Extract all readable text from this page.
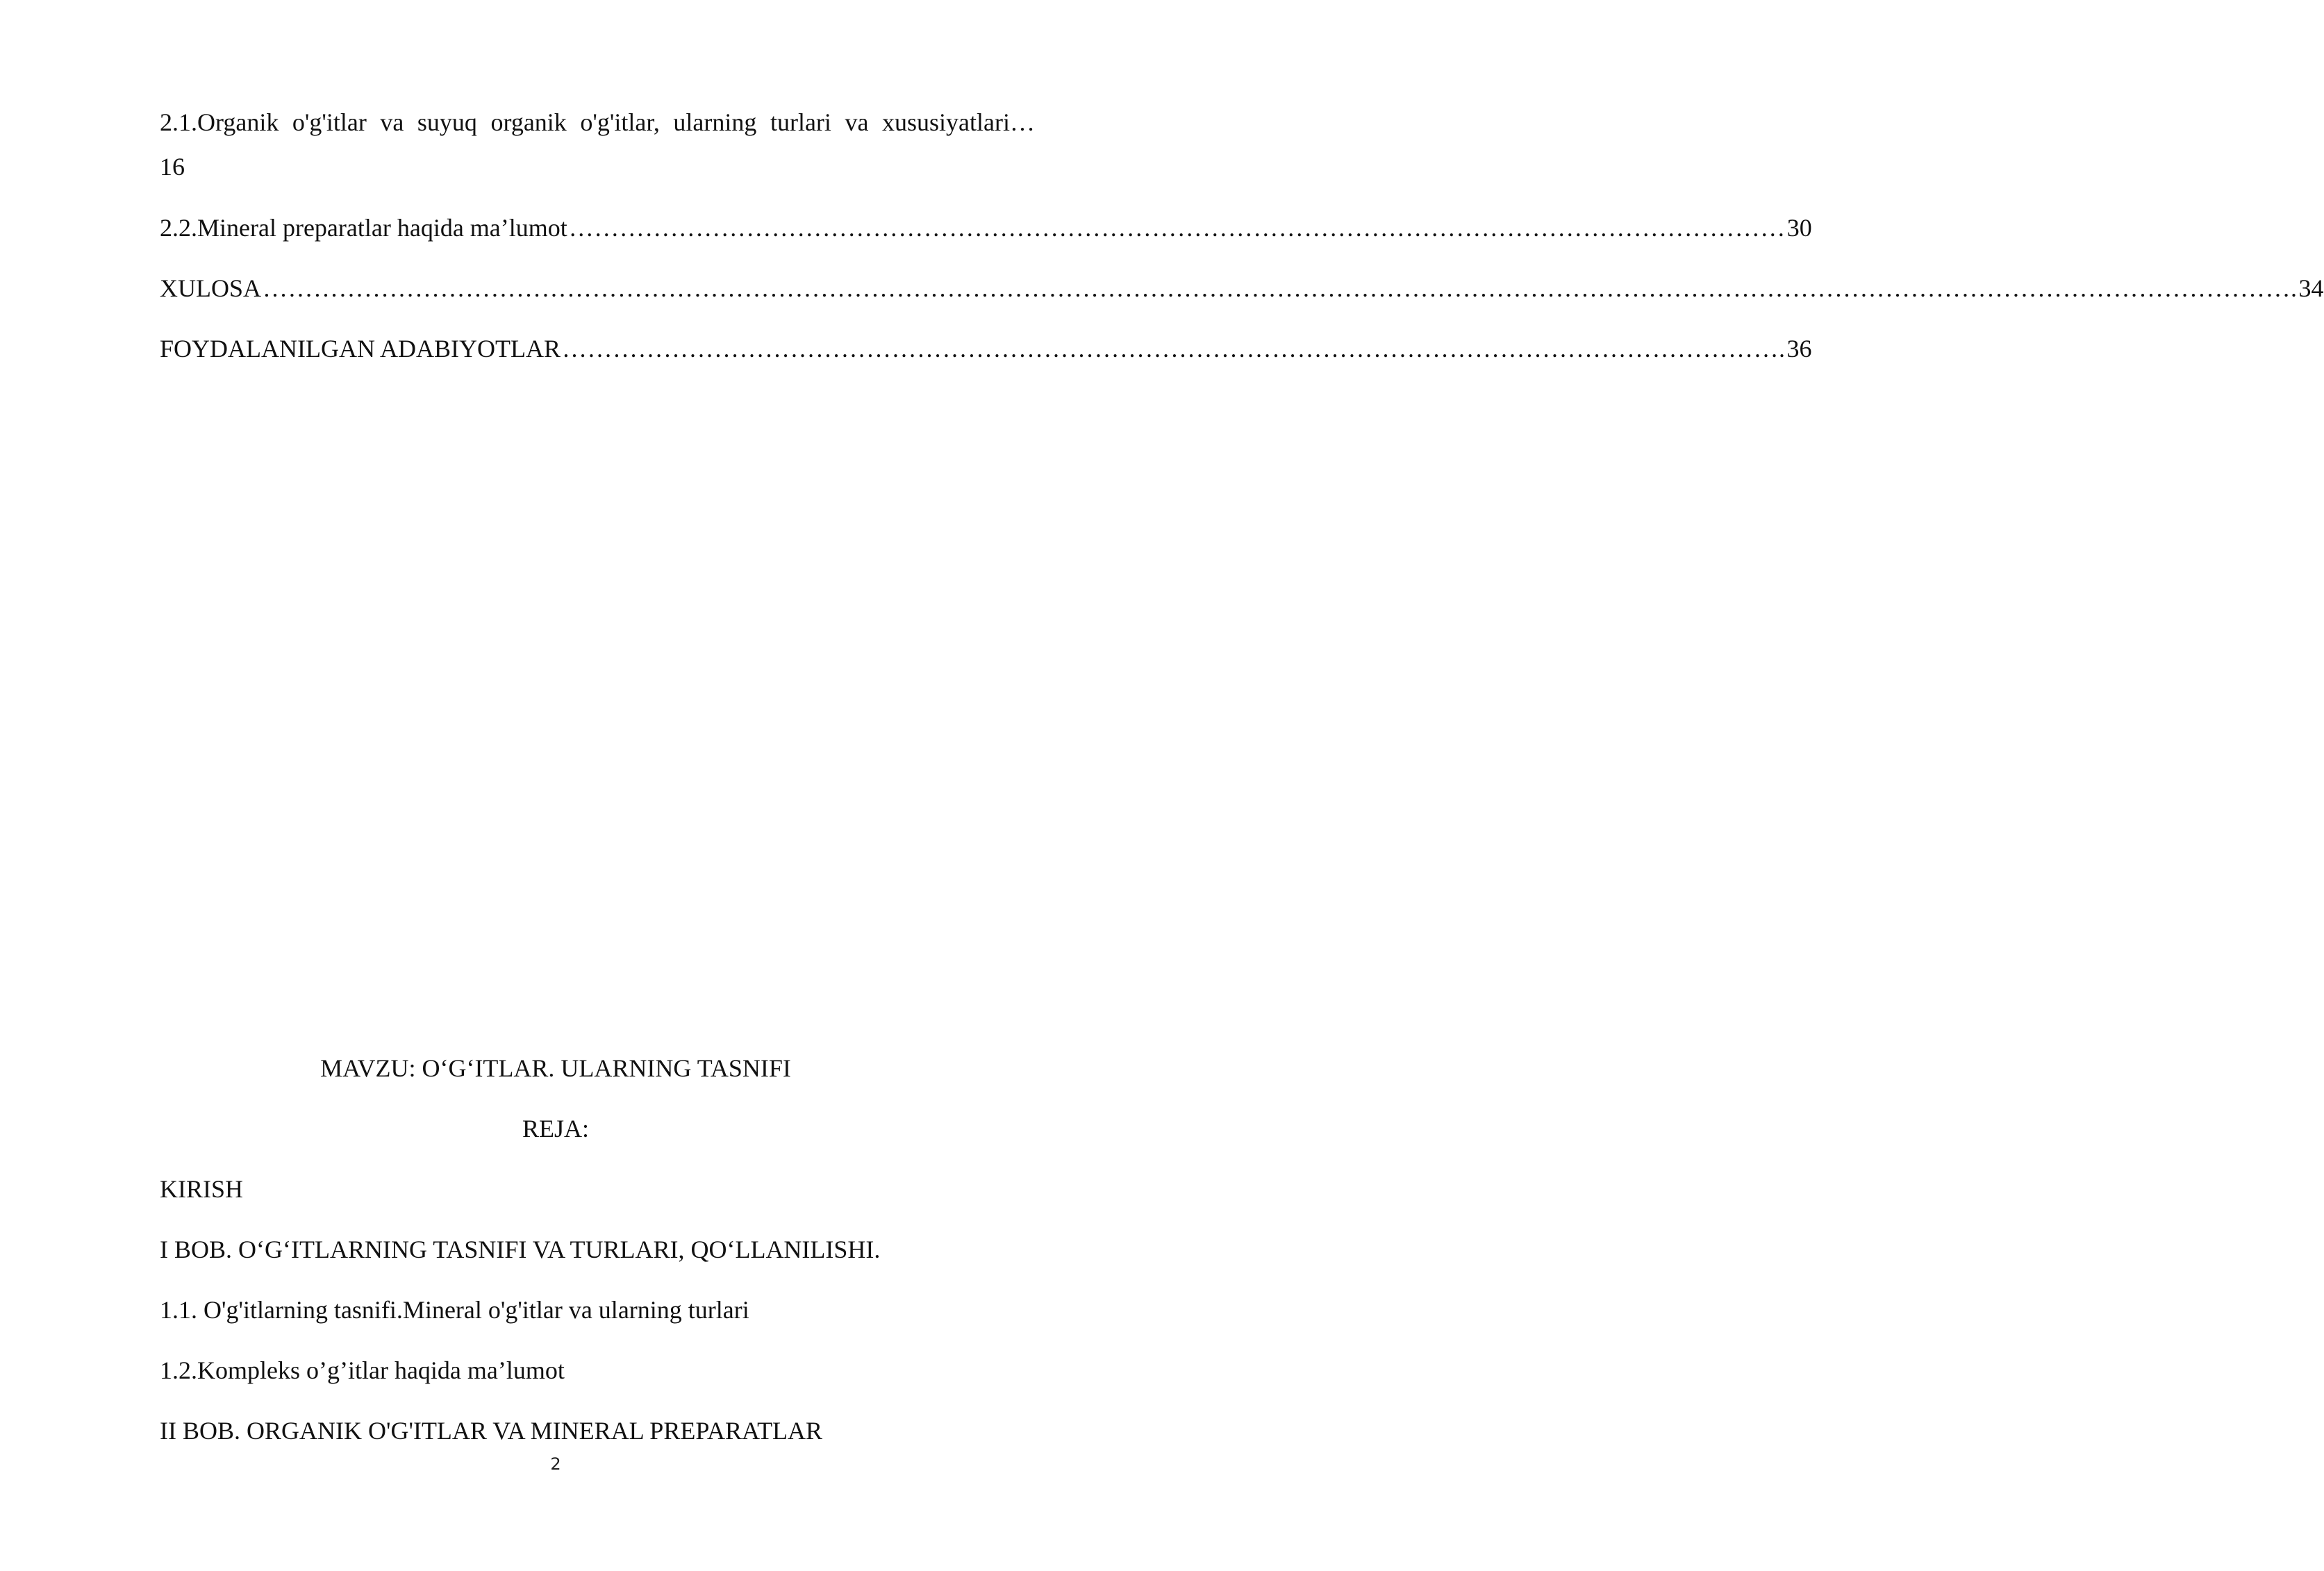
2.1.Organik o'g'itlar va suyuq organik o'g'itlar, ularning turlari va xususiyatlari…
16
2.2.Mineral preparatlar haqida ma’lumot ……………………………………………………………………………………………………………………………… 30
XULOSA ……………………………………………………………………………………………………………………………………………………………………………………………………………………. 34
FOYDALANILGAN ADABIYOTLAR ………………………………………………………………………………………………………………………………. 36
MAVZU: O‘G‘ITLAR. ULARNING TASNIFI
REJA:
KIRISH
I BOB. O‘G‘ITLARNING TASNIFI VA TURLARI, QO‘LLANILISHI.
1.1. O'g'itlarning tasnifi.Mineral o'g'itlar va ularning turlari
1.2.Kompleks o’g’itlar haqida ma’lumot
II BOB. ORGANIK O'G'ITLAR VA MINERAL PREPARATLAR
2
